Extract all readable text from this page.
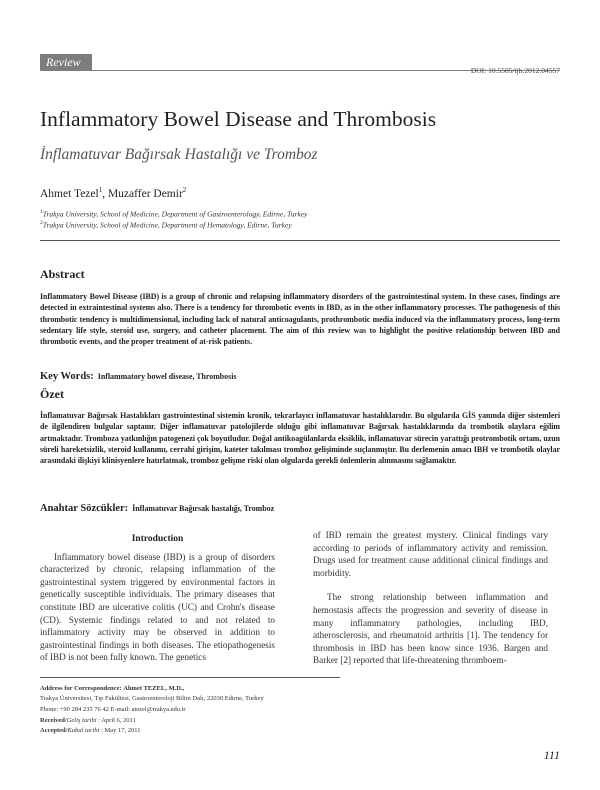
Review
DOI: 10.5505/tjh.2012.04557
Inflammatory Bowel Disease and Thrombosis
İnflamatuvar Bağırsak Hastalığı ve Tromboz
Ahmet Tezel$^1$, Muzaffer Demir$^2$
$^1$Trakya University, School of Medicine, Department of Gastroenterology, Edirne, Turkey
$^2$Trakya University, School of Medicine, Department of Hematology, Edirne, Turkey
Abstract

Inflammatory Bowel Disease (IBD) is a group of chronic and relapsing inflammatory disorders of the gastrointestinal system. In these cases, findings are detected in extraintestinal systems also. There is a tendency for thrombotic events in IBD, as in the other inflammatory processes. The pathogenesis of this thrombotic tendency is multidimensional, including lack of natural anticoagulants, prothrombotic media induced via the inflammatory process, long-term sedentary life style, steroid use, surgery, and catheter placement. The aim of this review was to highlight the positive relationship between IBD and thrombotic events, and the proper treatment of at-risk patients.

Key Words: Inflammatory bowel disease, Thrombosis
Özet

İnflamatuvar Bağırsak Hastalıkları gastrointestinal sistemin kronik, tekrarlayıcı inflamatuvar hastalıklarıdır. Bu olgularda GİS yanında diğer sistemleri de ilgilendiren bulgular saptanır. Diğer inflamatuvar patolojilerde olduğu gibi inflamatuvar Bağırsak hastalıklarında da trombotik olaylara eğilim artmaktadır. Tromboza yatkınlığın patogenezi çok boyutludur. Doğal antikoagülanlarda eksiklik, inflamatuvar sürecin yarattığı protrombotik ortam, uzun süreli hareketsizlik, steroid kullanımı, cerrahi girişim, kateter takılması tromboz gelişiminde suçlanmıştır. Bu derlemenin amacı IBH ve trombotik olaylar arasındaki ilişkiyi klinisyenlere hatırlatmak, tromboz gelişme riski olan olgularda gerekli önlemlerin alınmasını sağlamaktır.

Anahtar Sözcükler: İnflamatuvar Bağırsak hastalığı, Tromboz
Introduction

Inflammatory bowel disease (IBD) is a group of disorders characterized by chronic, relapsing inflammation of the gastrointestinal system triggered by environmental factors in genetically susceptible individuals. The primary diseases that constitute IBD are ulcerative colitis (UC) and Crohn's disease (CD). Systemic findings related to and not related to inflammatory activity may be observed in addition to gastrointestinal findings in both diseases. The etiopathogenesis of IBD is not been fully known. The genetics

of IBD remain the greatest mystery. Clinical findings vary according to periods of inflammatory activity and remission. Drugs used for treatment cause additional clinical findings and morbidity.

The strong relationship between inflammation and hemostasis affects the progression and severity of disease in many inflammatory pathologies, including IBD, atherosclerosis, and rheumatoid arthritis [1]. The tendency for thrombosis in IBD has been know since 1936. Bargen and Barker [2] reported that life-threatening thromboem-

Address for Correspondence: Ahmet TEZEL, M.D.,
Trakya Üniversitesi, Tıp Fakültesi, Gastroenteroloji Bilim Dalı, 22030 Edirne, Turkey
Phone: +90 284 235 76 42 E-mail: atezel@trakya.edu.tr
Received/Geliş tarihi : April 6, 2011
Accepted/Kabul tarihi : May 17, 2011
111
